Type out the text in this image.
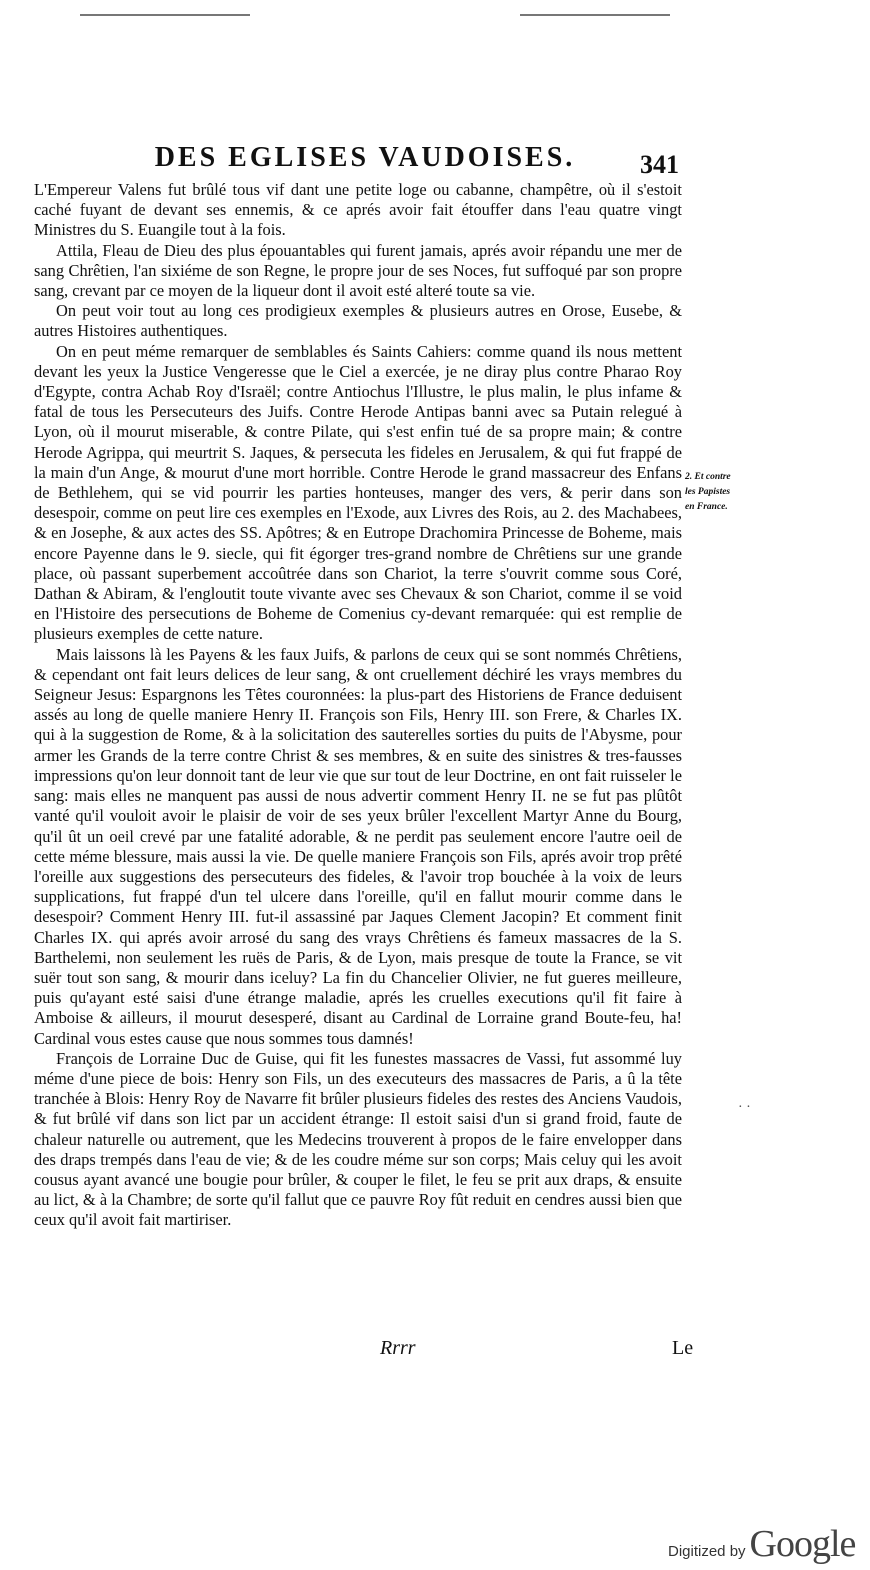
DES EGLISES VAUDOISES.	341

L'Empereur Valens fut brûlé tous vif dant une petite loge ou cabanne, champêtre, où il s'estoit caché fuyant de devant ses ennemis, & ce aprés avoir fait étouffer dans l'eau quatre vingt Ministres du S. Euangile tout à la fois.

Attila, Fleau de Dieu des plus épouantables qui furent jamais, aprés avoir répandu une mer de sang Chrêtien, l'an sixiéme de son Regne, le propre jour de ses Noces, fut suffoqué par son propre sang, crevant par ce moyen de la liqueur dont il avoit esté alteré toute sa vie.

On peut voir tout au long ces prodigieux exemples & plusieurs autres en Orose, Eusebe, & autres Histoires authentiques.

On en peut méme remarquer de semblables és Saints Cahiers: comme quand ils nous mettent devant les yeux la Justice Vengeresse que le Ciel a exercée, je ne diray plus contre Pharao Roy d'Egypte, contra Achab Roy d'Israël; contre Antiochus l'Illustre, le plus malin, le plus infame & fatal de tous les Persecuteurs des Juifs. Contre Herode Antipas banni avec sa Putain relegué à Lyon, où il mourut miserable, & contre Pilate, qui s'est enfin tué de sa propre main; & contre Herode Agrippa, qui meurtrit S. Jaques, & persecuta les fideles en Jerusalem, & qui fut frappé de la main d'un Ange, & mourut d'une mort horrible. Contre Herode le grand massacreur des Enfans de Bethlehem, qui se vid pourrir les parties honteuses, manger des vers, & perir dans son desespoir, comme on peut lire ces exemples en l'Exode, aux Livres des Rois, au 2. des Machabees, & en Josephe, & aux actes des SS. Apôtres; & en Eutrope Drachomira Princesse de Boheme, mais encore Payenne dans le 9. siecle, qui fit égorger tres-grand nombre de Chrêtiens sur une grande place, où passant superbement accoûtrée dans son Chariot, la terre s'ouvrit comme sous Coré, Dathan & Abiram, & l'engloutit toute vivante avec ses Chevaux & son Chariot, comme il se void en l'Histoire des persecutions de Boheme de Comenius cy-devant remarquée: qui est remplie de plusieurs exemples de cette nature.

Mais laissons là les Payens & les faux Juifs, & parlons de ceux qui se sont nommés Chrêtiens, & cependant ont fait leurs delices de leur sang, & ont cruellement déchiré les vrays membres du Seigneur Jesus: Espargnons les Têtes couronnées: la plus-part des Historiens de France deduisent assés au long de quelle maniere Henry II. François son Fils, Henry III. son Frere, & Charles IX. qui à la suggestion de Rome, & à la solicitation des sauterelles sorties du puits de l'Abysme, pour armer les Grands de la terre contre Christ & ses membres, & en suite des sinistres & tres-fausses impressions qu'on leur donnoit tant de leur vie que sur tout de leur Doctrine, en ont fait ruisseler le sang: mais elles ne manquent pas aussi de nous advertir comment Henry II. ne se fut pas plûtôt vanté qu'il vouloit avoir le plaisir de voir de ses yeux brûler l'excellent Martyr Anne du Bourg, qu'il ût un oeil crevé par une fatalité adorable, & ne perdit pas seulement encore l'autre oeil de cette méme blessure, mais aussi la vie. De quelle maniere François son Fils, aprés avoir trop prêté l'oreille aux suggestions des persecuteurs des fideles, & l'avoir trop bouchée à la voix de leurs supplications, fut frappé d'un tel ulcere dans l'oreille, qu'il en fallut mourir comme dans le desespoir? Comment Henry III. fut-il assassiné par Jaques Clement Jacopin? Et comment finit Charles IX. qui aprés avoir arrosé du sang des vrays Chrêtiens és fameux massacres de la S. Barthelemi, non seulement les ruës de Paris, & de Lyon, mais presque de toute la France, se vit suër tout son sang, & mourir dans iceluy? La fin du Chancelier Olivier, ne fut gueres meilleure, puis qu'ayant esté saisi d'une étrange maladie, aprés les cruelles executions qu'il fit faire à Amboise & ailleurs, il mourut desesperé, disant au Cardinal de Lorraine grand Boute-feu, ha! Cardinal vous estes cause que nous sommes tous damnés!

François de Lorraine Duc de Guise, qui fit les funestes massacres de Vassi, fut assommé luy méme d'une piece de bois: Henry son Fils, un des executeurs des massacres de Paris, a û la tête tranchée à Blois: Henry Roy de Navarre fit brûler plusieurs fideles des restes des Anciens Vaudois, & fut brûlé vif dans son lict par un accident étrange: Il estoit saisi d'un si grand froid, faute de chaleur naturelle ou autrement, que les Medecins trouverent à propos de le faire envelopper dans des draps trempés dans l'eau de vie; & de les coudre méme sur son corps; Mais celuy qui les avoit cousus ayant avancé une bougie pour brûler, & couper le filet, le feu se prit aux draps, & ensuite au lict, & à la Chambre; de sorte qu'il fallut que ce pauvre Roy fût reduit en cendres aussi bien que ceux qu'il avoit fait martiriser.

2. Et contre
les Papistes
en France.
· ·
Rrrr	Le
Digitized by Google
